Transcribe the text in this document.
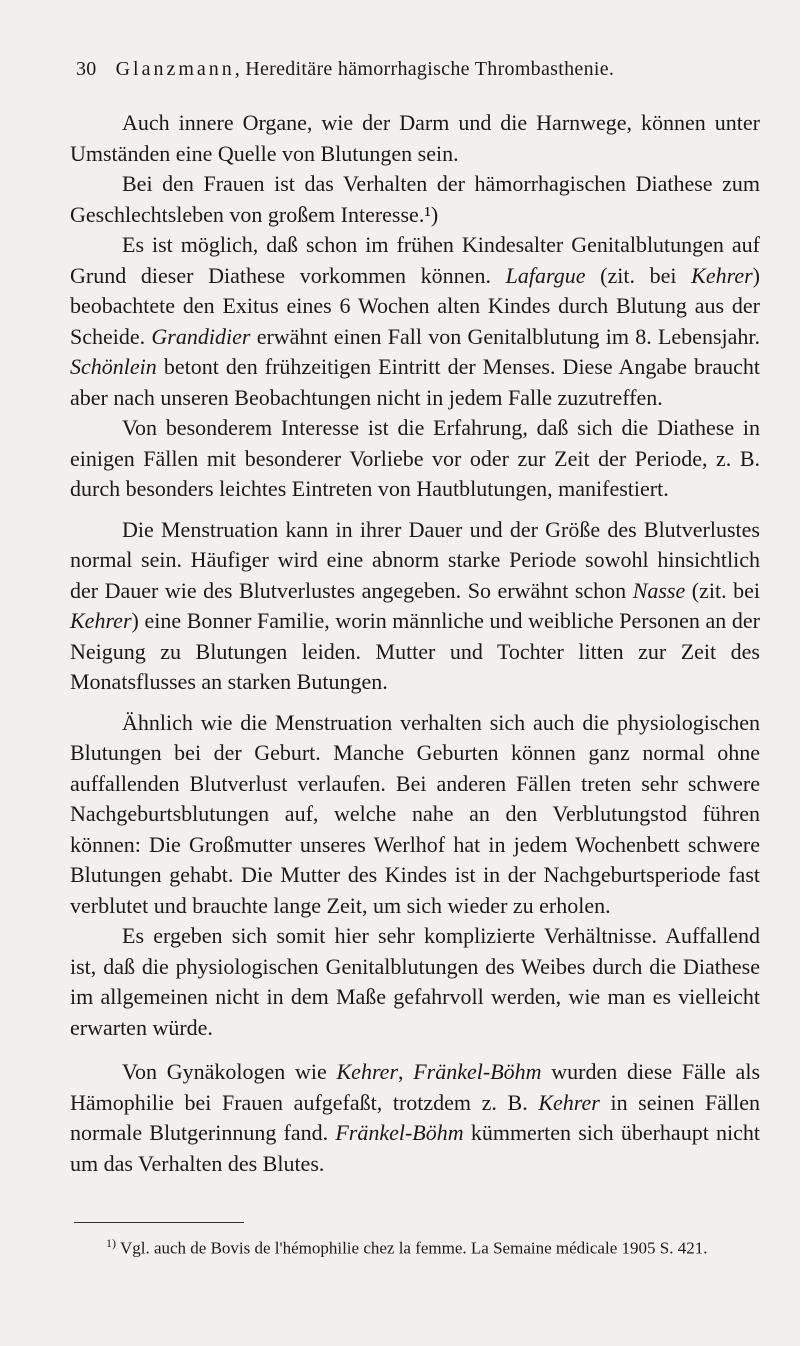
30 Glanzmann, Hereditäre hämorrhagische Thrombasthenie.

Auch innere Organe, wie der Darm und die Harnwege, können unter Umständen eine Quelle von Blutungen sein.

Bei den Frauen ist das Verhalten der hämorrhagischen Diathese zum Geschlechtsleben von großem Interesse.¹)

Es ist möglich, daß schon im frühen Kindesalter Genitalblutungen auf Grund dieser Diathese vorkommen können. Lafargue (zit. bei Kehrer) beobachtete den Exitus eines 6 Wochen alten Kindes durch Blutung aus der Scheide. Grandidier erwähnt einen Fall von Genitalblutung im 8. Lebensjahr. Schönlein betont den frühzeitigen Eintritt der Menses. Diese Angabe braucht aber nach unseren Beobachtungen nicht in jedem Falle zuzutreffen.

Von besonderem Interesse ist die Erfahrung, daß sich die Diathese in einigen Fällen mit besonderer Vorliebe vor oder zur Zeit der Periode, z. B. durch besonders leichtes Eintreten von Hautblutungen, manifestiert.

Die Menstruation kann in ihrer Dauer und der Größe des Blutverlustes normal sein. Häufiger wird eine abnorm starke Periode sowohl hinsichtlich der Dauer wie des Blutverlustes angegeben. So erwähnt schon Nasse (zit. bei Kehrer) eine Bonner Familie, worin männliche und weibliche Personen an der Neigung zu Blutungen leiden. Mutter und Tochter litten zur Zeit des Monatsflusses an starken Butungen.

Ähnlich wie die Menstruation verhalten sich auch die physiologischen Blutungen bei der Geburt. Manche Geburten können ganz normal ohne auffallenden Blutverlust verlaufen. Bei anderen Fällen treten sehr schwere Nachgeburtsblutungen auf, welche nahe an den Verblutungstod führen können: Die Großmutter unseres Werlhof hat in jedem Wochenbett schwere Blutungen gehabt. Die Mutter des Kindes ist in der Nachgeburtsperiode fast verblutet und brauchte lange Zeit, um sich wieder zu erholen.

Es ergeben sich somit hier sehr komplizierte Verhältnisse. Auffallend ist, daß die physiologischen Genitalblutungen des Weibes durch die Diathese im allgemeinen nicht in dem Maße gefahrvoll werden, wie man es vielleicht erwarten würde.

Von Gynäkologen wie Kehrer, Fränkel-Böhm wurden diese Fälle als Hämophilie bei Frauen aufgefaßt, trotzdem z. B. Kehrer in seinen Fällen normale Blutgerinnung fand. Fränkel-Böhm kümmerten sich überhaupt nicht um das Verhalten des Blutes.

$^{1)}$ Vgl. auch de Bovis de l'hémophilie chez la femme. La Semaine médicale 1905 S. 421.
